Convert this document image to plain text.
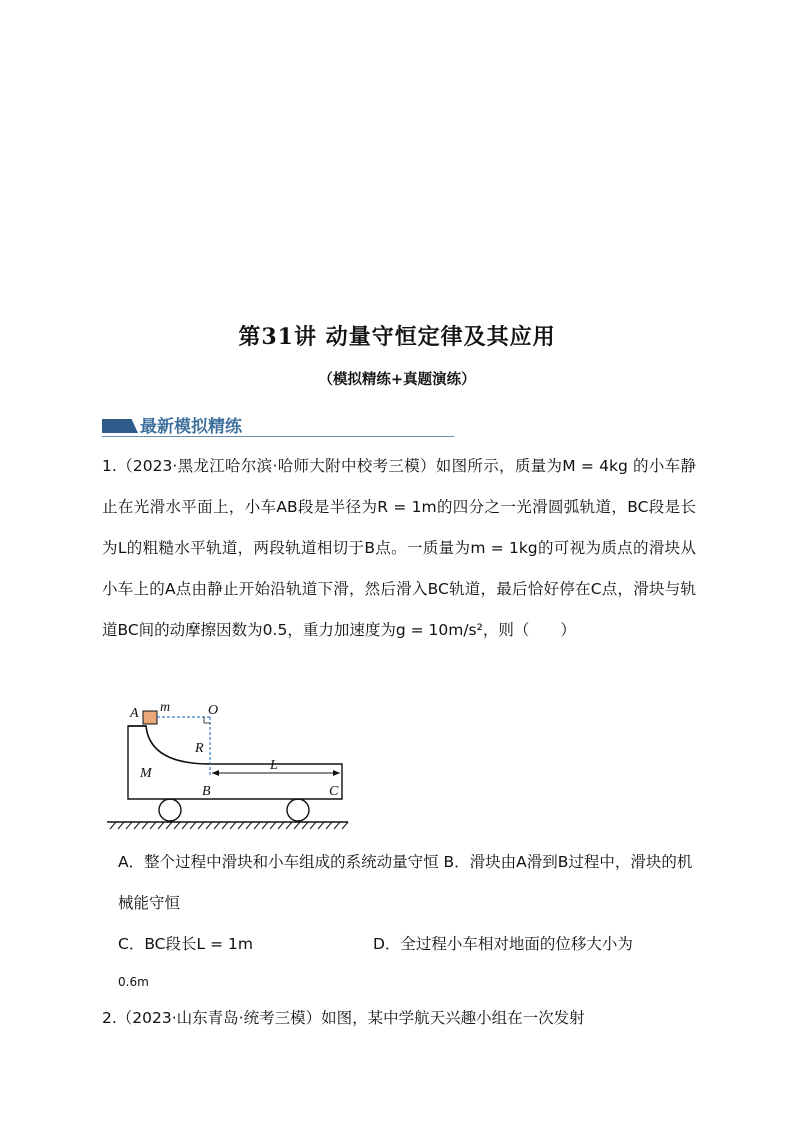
第31讲 动量守恒定律及其应用
（模拟精练+真题演练）
最新模拟精练
1.（2023·黑龙江哈尔滨·哈师大附中校考三模）如图所示，质量为M = 4kg 的小车静止在光滑水平面上，小车AB段是半径为R = 1m的四分之一光滑圆弧轨道，BC段是长为L的粗糙水平轨道，两段轨道相切于B点。一质量为m = 1kg的可视为质点的滑块从小车上的A点由静止开始沿轨道下滑，然后滑入BC轨道，最后恰好停在C点，滑块与轨道BC间的动摩擦因数为0.5，重力加速度为g = 10m/s²，则（　　）
A m	O
R
M
B
L
C
A．整个过程中滑块和小车组成的系统动量守恒 B．滑块由A滑到B过程中，滑块的机械能守恒
C．BC段长L = 1m	D．全过程小车相对地面的位移大小为
0.6m
2.（2023·山东青岛·统考三模）如图，某中学航天兴趣小组在一次发射
